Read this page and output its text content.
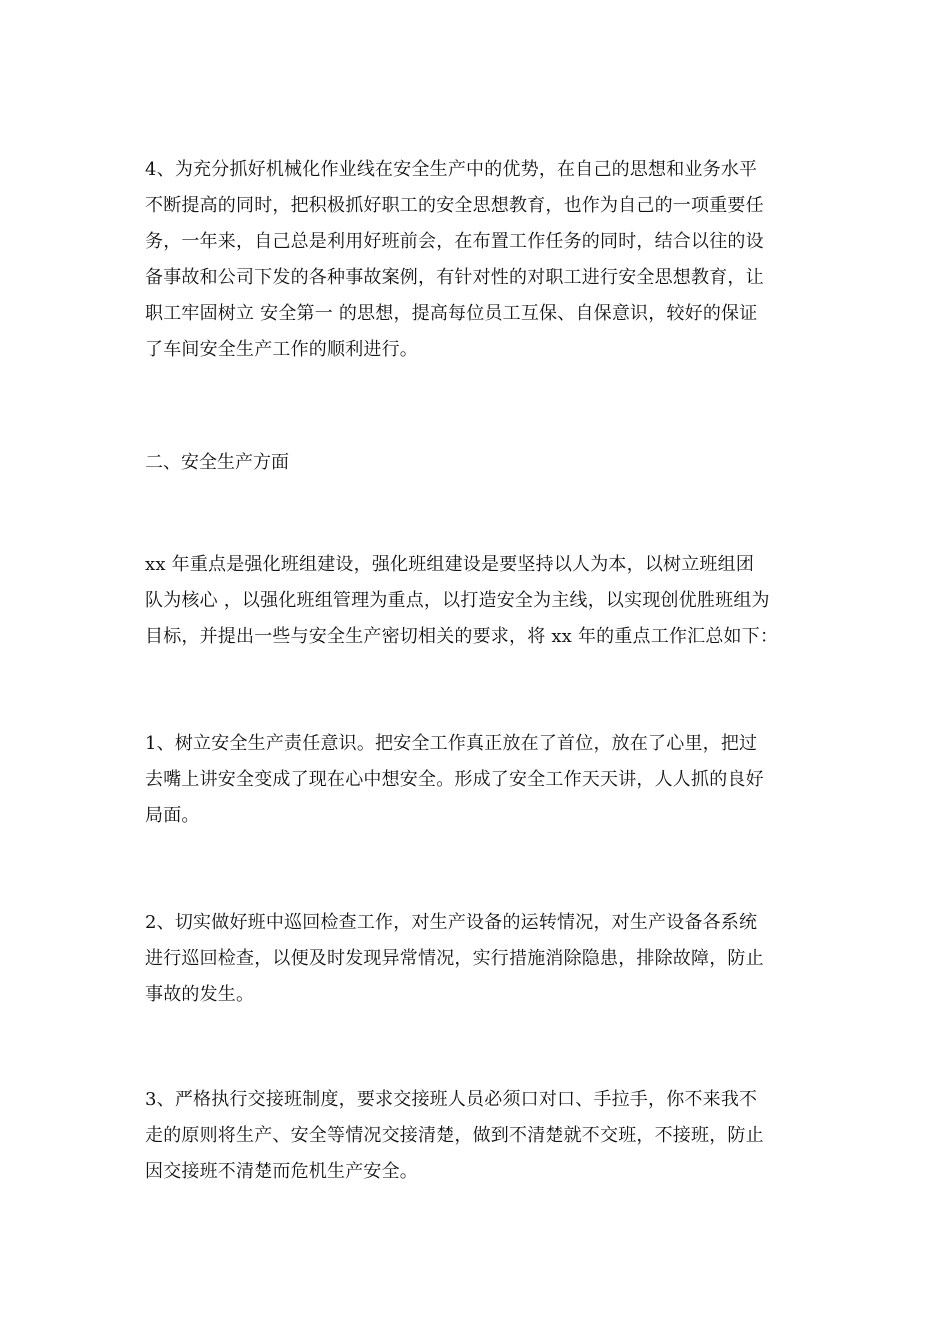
4、为充分抓好机械化作业线在安全生产中的优势，在自己的思想和业务水平
不断提高的同时，把积极抓好职工的安全思想教育，也作为自己的一项重要任
务，一年来，自己总是利用好班前会，在布置工作任务的同时，结合以往的设
备事故和公司下发的各种事故案例，有针对性的对职工进行安全思想教育，让
职工牢固树立 安全第一 的思想，提高每位员工互保、自保意识，较好的保证
了车间安全生产工作的顺利进行。
二、安全生产方面
xx 年重点是强化班组建设，强化班组建设是要坚持以人为本，以树立班组团
队为核心 ，以强化班组管理为重点，以打造安全为主线，以实现创优胜班组为
目标，并提出一些与安全生产密切相关的要求，将 xx 年的重点工作汇总如下：
1、树立安全生产责任意识。把安全工作真正放在了首位，放在了心里，把过
去嘴上讲安全变成了现在心中想安全。形成了安全工作天天讲，人人抓的良好
局面。
2、切实做好班中巡回检查工作，对生产设备的运转情况，对生产设备各系统
进行巡回检查，以便及时发现异常情况，实行措施消除隐患，排除故障，防止
事故的发生。
3、严格执行交接班制度，要求交接班人员必须口对口、手拉手，你不来我不
走的原则将生产、安全等情况交接清楚，做到不清楚就不交班，不接班，防止
因交接班不清楚而危机生产安全。
